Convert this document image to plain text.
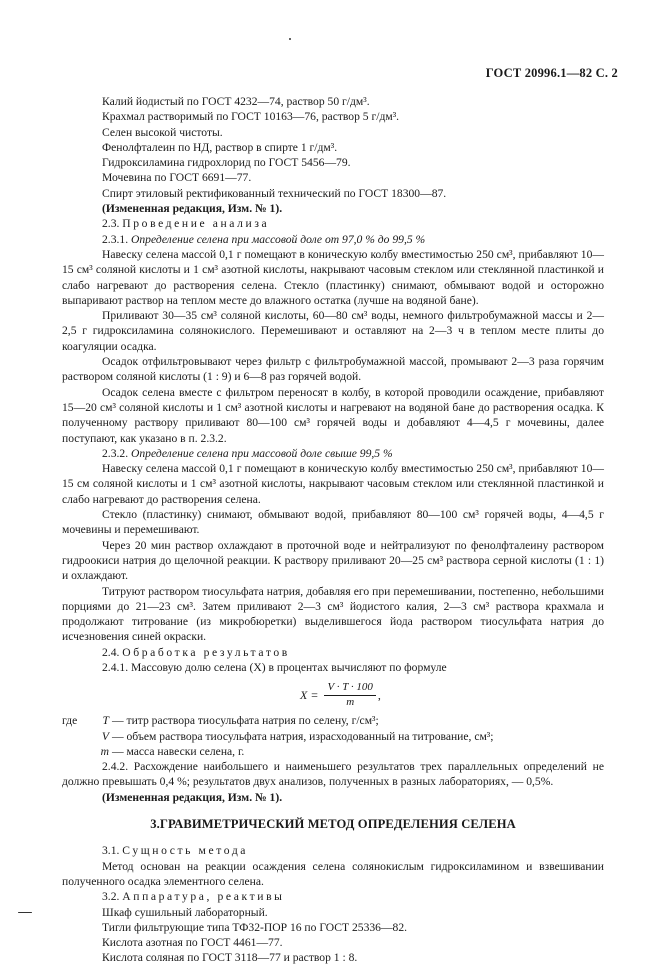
ГОСТ 20996.1—82 С. 2

Калий йодистый по ГОСТ 4232—74, раствор 50 г/дм³.

Крахмал растворимый по ГОСТ 10163—76, раствор 5 г/дм³.

Селен высокой чистоты.

Фенолфталеин по НД, раствор в спирте 1 г/дм³.

Гидроксиламина гидрохлорид по ГОСТ 5456—79.

Мочевина по ГОСТ 6691—77.

Спирт этиловый ректификованный технический по ГОСТ 18300—87.

(Измененная редакция, Изм. № 1).

2.3. Проведение анализа

2.3.1. Определение селена при массовой доле от 97,0 % до 99,5 %

Навеску селена массой 0,1 г помещают в коническую колбу вместимостью 250 см³, прибавляют 10—15 см³ соляной кислоты и 1 см³ азотной кислоты, накрывают часовым стеклом или стеклянной пластинкой и слабо нагревают до растворения селена. Стекло (пластинку) снимают, обмывают водой и осторожно выпаривают раствор на теплом месте до влажного остатка (лучше на водяной бане).

Приливают 30—35 см³ соляной кислоты, 60—80 см³ воды, немного фильтробумажной массы и 2—2,5 г гидроксиламина солянокислого. Перемешивают и оставляют на 2—3 ч в теплом месте плиты до коагуляции осадка.

Осадок отфильтровывают через фильтр с фильтробумажной массой, промывают 2—3 раза горячим раствором соляной кислоты (1 : 9) и 6—8 раз горячей водой.

Осадок селена вместе с фильтром переносят в колбу, в которой проводили осаждение, прибавляют 15—20 см³ соляной кислоты и 1 см³ азотной кислоты и нагревают на водяной бане до растворения осадка. К полученному раствору приливают 80—100 см³ горячей воды и добавляют 4—4,5 г мочевины, далее поступают, как указано в п. 2.3.2.

2.3.2. Определение селена при массовой доле свыше 99,5 %

Навеску селена массой 0,1 г помещают в коническую колбу вместимостью 250 см³, прибавляют 10—15 см соляной кислоты и 1 см³ азотной кислоты, накрывают часовым стеклом или стеклянной пластинкой и слабо нагревают до растворения селена.

Стекло (пластинку) снимают, обмывают водой, прибавляют 80—100 см³ горячей воды, 4—4,5 г мочевины и перемешивают.

Через 20 мин раствор охлаждают в проточной воде и нейтрализуют по фенолфталеину раствором гидроокиси натрия до щелочной реакции. К раствору приливают 20—25 см³ раствора серной кислоты (1 : 1) и охлаждают.

Титруют раствором тиосульфата натрия, добавляя его при перемешивании, постепенно, небольшими порциями до 21—23 см³. Затем приливают 2—3 см³ йодистого калия, 2—3 см³ раствора крахмала и продолжают титрование (из микробюретки) выделившегося йода раствором тиосульфата натрия до исчезновения синей окраски.

2.4. Обработка результатов

2.4.1. Массовую долю селена (X) в процентах вычисляют по формуле

$X = \frac{V \cdot T \cdot 100}{m}$ ,
где	T — титр раствора тиосульфата натрия по селену, г/см³;
V — объем раствора тиосульфата натрия, израсходованный на титрование, см³;
m — масса навески селена, г.

2.4.2. Расхождение наибольшего и наименьшего результатов трех параллельных определений не должно превышать 0,4 %; результатов двух анализов, полученных в разных лабораториях, — 0,5%.

(Измененная редакция, Изм. № 1).

3.ГРАВИМЕТРИЧЕСКИЙ МЕТОД ОПРЕДЕЛЕНИЯ СЕЛЕНА

3.1. Сущность метода

Метод основан на реакции осаждения селена солянокислым гидроксиламином и взвешивании полученного осадка элементного селена.

3.2. Аппаратура, реактивы

Шкаф сушильный лабораторный.

Тигли фильтрующие типа ТФ32-ПОР 16 по ГОСТ 25336—82.

Кислота азотная по ГОСТ 4461—77.

Кислота соляная по ГОСТ 3118—77 и раствор 1 : 8.
